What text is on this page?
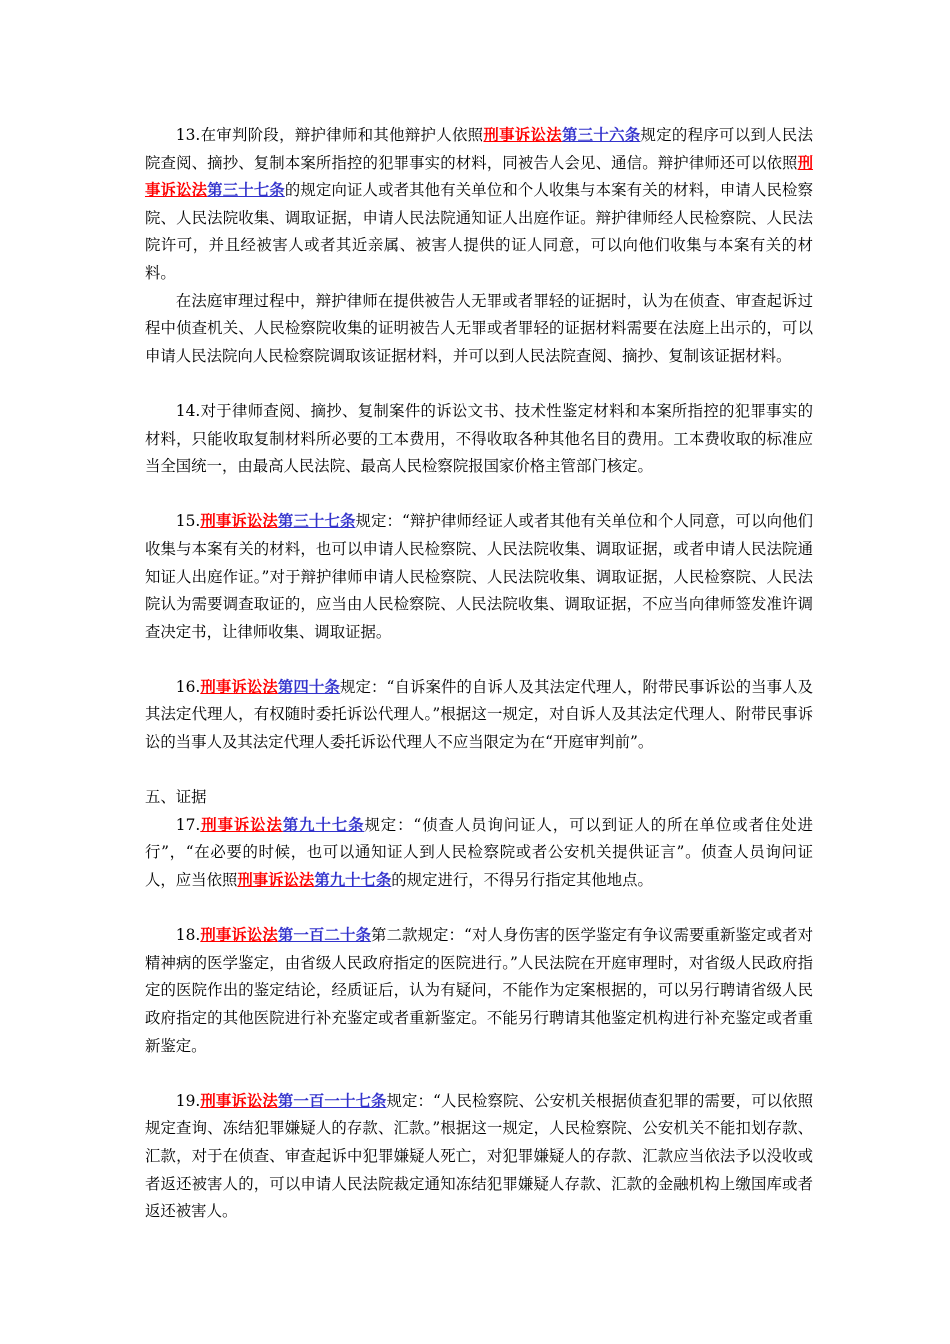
13.在审判阶段，辩护律师和其他辩护人依照刑事诉讼法第三十六条规定的程序可以到人民法院查阅、摘抄、复制本案所指控的犯罪事实的材料，同被告人会见、通信。辩护律师还可以依照刑事诉讼法第三十七条的规定向证人或者其他有关单位和个人收集与本案有关的材料，申请人民检察院、人民法院收集、调取证据，申请人民法院通知证人出庭作证。辩护律师经人民检察院、人民法院许可，并且经被害人或者其近亲属、被害人提供的证人同意，可以向他们收集与本案有关的材料。

在法庭审理过程中，辩护律师在提供被告人无罪或者罪轻的证据时，认为在侦查、审查起诉过程中侦查机关、人民检察院收集的证明被告人无罪或者罪轻的证据材料需要在法庭上出示的，可以申请人民法院向人民检察院调取该证据材料，并可以到人民法院查阅、摘抄、复制该证据材料。

14.对于律师查阅、摘抄、复制案件的诉讼文书、技术性鉴定材料和本案所指控的犯罪事实的材料，只能收取复制材料所必要的工本费用，不得收取各种其他名目的费用。工本费收取的标准应当全国统一，由最高人民法院、最高人民检察院报国家价格主管部门核定。

15.刑事诉讼法第三十七条规定：“辩护律师经证人或者其他有关单位和个人同意，可以向他们收集与本案有关的材料，也可以申请人民检察院、人民法院收集、调取证据，或者申请人民法院通知证人出庭作证。”对于辩护律师申请人民检察院、人民法院收集、调取证据，人民检察院、人民法院认为需要调查取证的，应当由人民检察院、人民法院收集、调取证据，不应当向律师签发准许调查决定书，让律师收集、调取证据。

16.刑事诉讼法第四十条规定：“自诉案件的自诉人及其法定代理人，附带民事诉讼的当事人及其法定代理人，有权随时委托诉讼代理人。”根据这一规定，对自诉人及其法定代理人、附带民事诉讼的当事人及其法定代理人委托诉讼代理人不应当限定为在“开庭审判前”。

五、证据

17.刑事诉讼法第九十七条规定：“侦查人员询问证人，可以到证人的所在单位或者住处进行”，“在必要的时候，也可以通知证人到人民检察院或者公安机关提供证言”。侦查人员询问证人，应当依照刑事诉讼法第九十七条的规定进行，不得另行指定其他地点。

18.刑事诉讼法第一百二十条第二款规定：“对人身伤害的医学鉴定有争议需要重新鉴定或者对精神病的医学鉴定，由省级人民政府指定的医院进行。”人民法院在开庭审理时，对省级人民政府指定的医院作出的鉴定结论，经质证后，认为有疑问，不能作为定案根据的，可以另行聘请省级人民政府指定的其他医院进行补充鉴定或者重新鉴定。不能另行聘请其他鉴定机构进行补充鉴定或者重新鉴定。

19.刑事诉讼法第一百一十七条规定：“人民检察院、公安机关根据侦查犯罪的需要，可以依照规定查询、冻结犯罪嫌疑人的存款、汇款。”根据这一规定，人民检察院、公安机关不能扣划存款、汇款，对于在侦查、审查起诉中犯罪嫌疑人死亡，对犯罪嫌疑人的存款、汇款应当依法予以没收或者返还被害人的，可以申请人民法院裁定通知冻结犯罪嫌疑人存款、汇款的金融机构上缴国库或者返还被害人。
